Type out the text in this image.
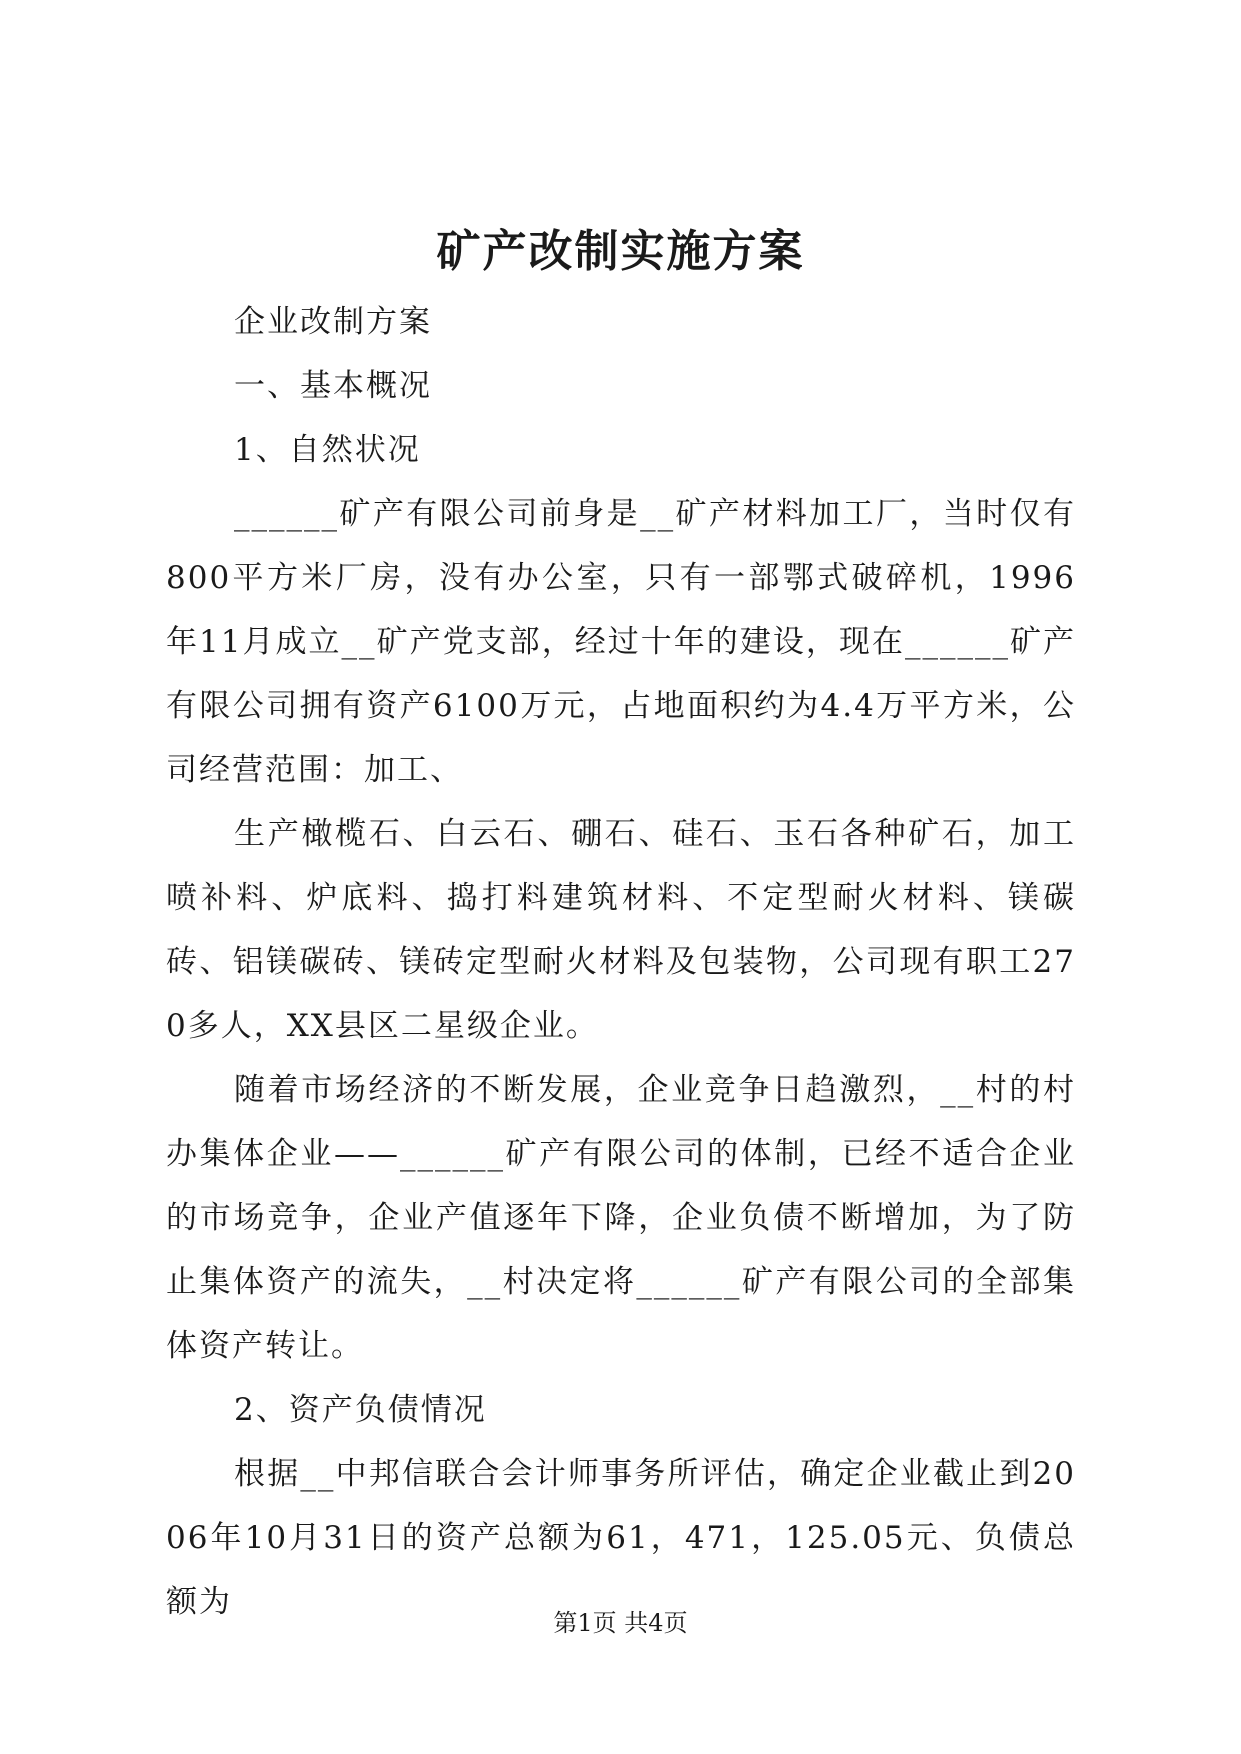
矿产改制实施方案

企业改制方案

一、基本概况

1、自然状况

______矿产有限公司前身是__矿产材料加工厂，当时仅有800平方米厂房，没有办公室，只有一部鄂式破碎机，1996年11月成立__矿产党支部，经过十年的建设，现在______矿产有限公司拥有资产6100万元，占地面积约为4.4万平方米，公司经营范围：加工、

生产橄榄石、白云石、硼石、硅石、玉石各种矿石，加工喷补料、炉底料、捣打料建筑材料、不定型耐火材料、镁碳砖、铝镁碳砖、镁砖定型耐火材料及包装物，公司现有职工270多人，XX县区二星级企业。

随着市场经济的不断发展，企业竞争日趋激烈，__村的村办集体企业——______矿产有限公司的体制，已经不适合企业的市场竞争，企业产值逐年下降，企业负债不断增加，为了防止集体资产的流失，__村决定将______矿产有限公司的全部集体资产转让。

2、资产负债情况

根据__中邦信联合会计师事务所评估，确定企业截止到2006年10月31日的资产总额为61，471，125.05元、负债总额为

第1页 共4页
